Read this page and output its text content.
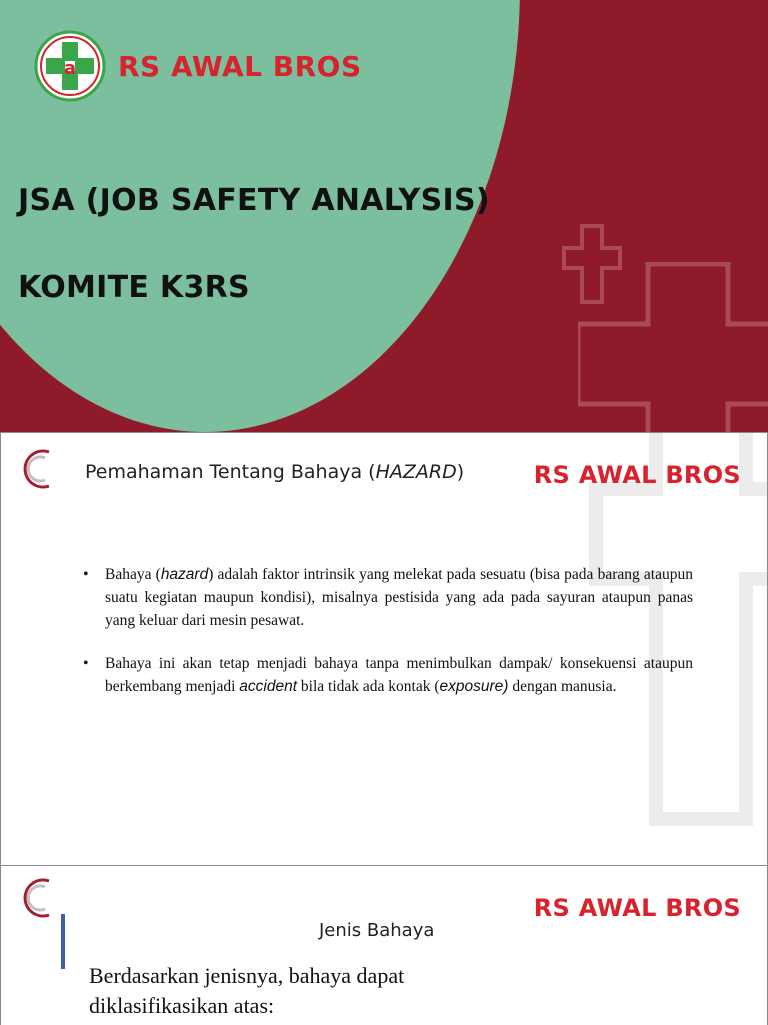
a RS AWAL BROS
JSA (JOB SAFETY ANALYSIS)
KOMITE K3RS

Pemahaman Tentang Bahaya (HAZARD)	RS AWAL BROS
• Bahaya (hazard) adalah faktor intrinsik yang melekat pada sesuatu (bisa pada barang ataupun suatu kegiatan maupun kondisi), misalnya pestisida yang ada pada sayuran ataupun panas yang keluar dari mesin pesawat.
• Bahaya ini akan tetap menjadi bahaya tanpa menimbulkan dampak/ konsekuensi ataupun berkembang menjadi accident bila tidak ada kontak (exposure) dengan manusia.
RS AWAL BROS

Jenis Bahaya

Berdasarkan jenisnya, bahaya dapat diklasifikasikan atas:
